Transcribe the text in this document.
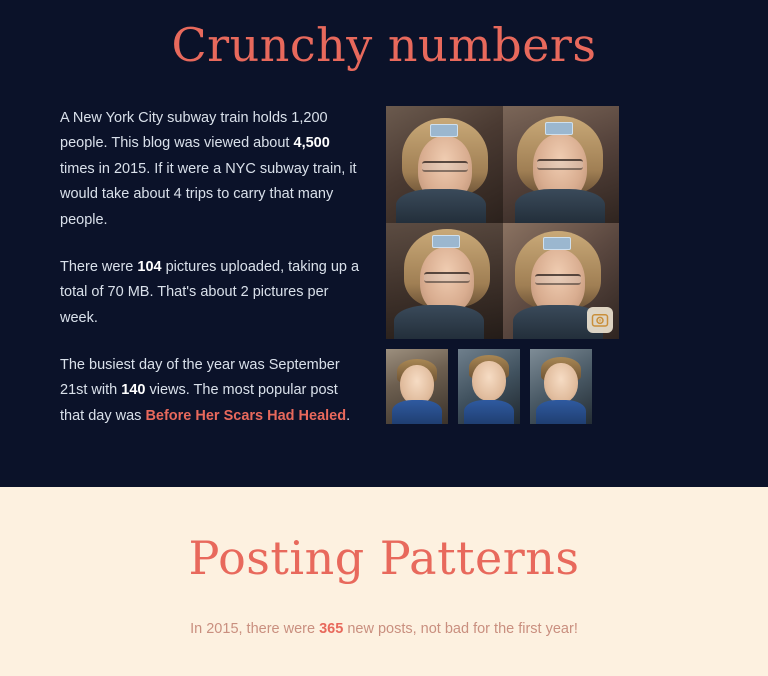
Crunchy numbers

A New York City subway train holds 1,200 people. This blog was viewed about 4,500 times in 2015. If it were a NYC subway train, it would take about 4 trips to carry that many people.

There were 104 pictures uploaded, taking up a total of 70 MB. That's about 2 pictures per week.

The busiest day of the year was September 21st with 140 views. The most popular post that day was Before Her Scars Had Healed.

Posting Patterns

In 2015, there were 365 new posts, not bad for the first year!
